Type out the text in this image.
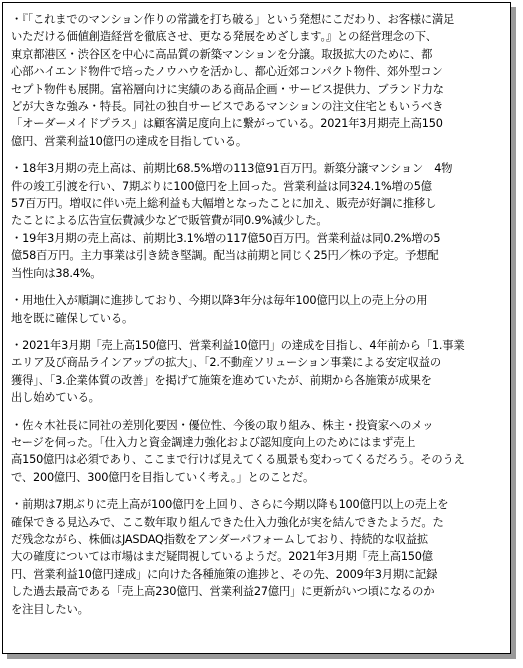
・『「これまでのマンション作りの常識を打ち破る」という発想にこだわり、お客様に満足
いただける価値創造経営を徹底させ、更なる発展をめざします。』との経営理念の下、
東京都港区・渋谷区を中心に高品質の新築マンションを分譲。取扱拡大のために、都
心部ハイエンド物件で培ったノウハウを活かし、都心近郊コンパクト物件、郊外型コン
セプト物件も展開。富裕層向けに実績のある商品企画・サービス提供力、ブランド力な
どが大きな強み・特長。同社の独自サービスであるマンションの注文住宅ともいうべき
「オーダーメイドプラス」は顧客満足度向上に繋がっている。2021年3月期売上高150
億円、営業利益10億円の達成を目指している。
・18年3月期の売上高は、前期比68.5%増の113億91百万円。新築分譲マンション　4物
件の竣工引渡を行い、7期ぶりに100億円を上回った。営業利益は同324.1%増の5億
57百万円。増収に伴い売上総利益も大幅増となったことに加え、販売が好調に推移し
たことによる広告宣伝費減少などで販管費が同0.9%減少した。
・19年3月期の売上高は、前期比3.1%増の117億50百万円。営業利益は同0.2%増の5
億58百万円。主力事業は引き続き堅調。配当は前期と同じく25円／株の予定。予想配
当性向は38.4%。
・用地仕入が順調に進捗しており、今期以降3年分は毎年100億円以上の売上分の用
地を既に確保している。
・2021年3月期「売上高150億円、営業利益10億円」の達成を目指し、4年前から「1.事業
エリア及び商品ラインアップの拡大」、「2.不動産ソリューション事業による安定収益の
獲得」、「3.企業体質の改善」を掲げて施策を進めていたが、前期から各施策が成果を
出し始めている。
・佐々木社長に同社の差別化要因・優位性、今後の取り組み、株主・投資家へのメッ
セージを伺った。「仕入力と資金調達力強化および認知度向上のためにはまず売上
高150億円は必須であり、ここまで行けば見えてくる風景も変わってくるだろう。そのうえ
で、200億円、300億円を目指していく考え。」とのことだ。
・前期は7期ぶりに売上高が100億円を上回り、さらに今期以降も100億円以上の売上を
確保できる見込みで、ここ数年取り組んできた仕入力強化が実を結んできたようだ。た
だ残念ながら、株価はJASDAQ指数をアンダーパフォームしており、持続的な収益拡
大の確度については市場はまだ疑問視しているようだ。2021年3月期「売上高150億
円、営業利益10億円達成」に向けた各種施策の進捗と、その先、2009年3月期に記録
した過去最高である「売上高230億円、営業利益27億円」に更新がいつ頃になるのか
を注目したい。
